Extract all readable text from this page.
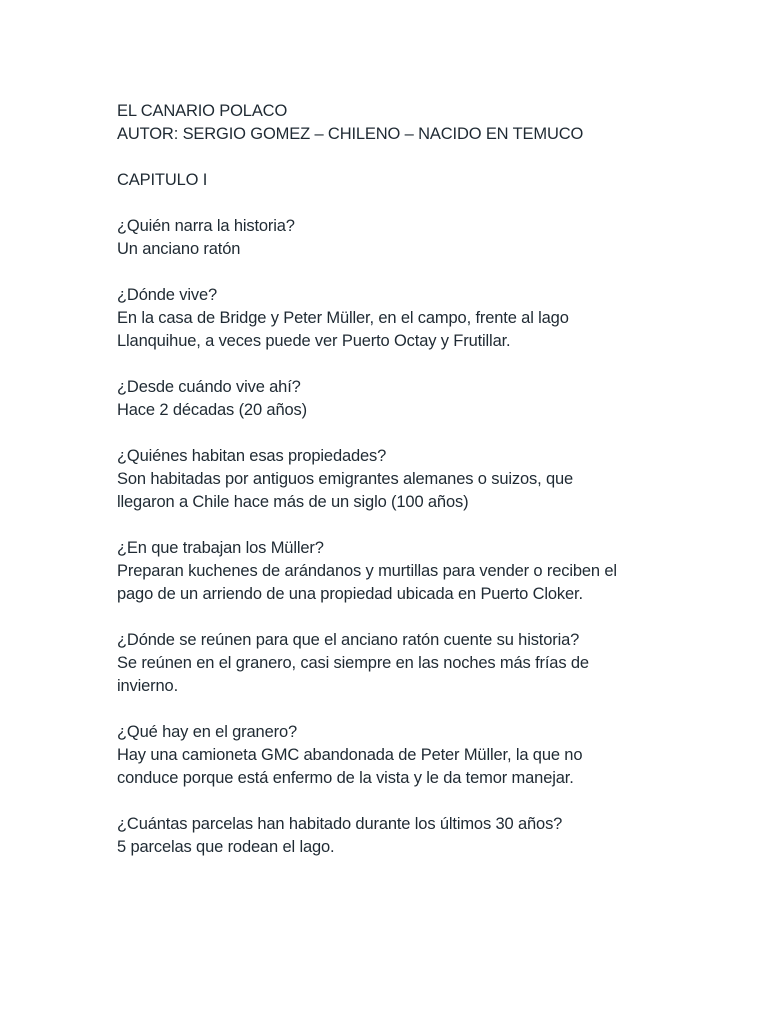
EL CANARIO POLACO
AUTOR: SERGIO GOMEZ – CHILENO – NACIDO EN TEMUCO
CAPITULO I
¿Quién narra la historia?
Un anciano ratón
¿Dónde vive?
En la casa de Bridge y Peter Müller, en el campo, frente al lago
Llanquihue, a veces puede ver Puerto Octay y Frutillar.
¿Desde cuándo vive ahí?
Hace 2 décadas (20 años)
¿Quiénes habitan esas propiedades?
Son habitadas por antiguos emigrantes alemanes o suizos, que
llegaron a Chile hace más de un siglo (100 años)
¿En que trabajan los Müller?
Preparan kuchenes de arándanos y murtillas para vender o reciben el
pago de un arriendo de una propiedad ubicada en Puerto Cloker.
¿Dónde se reúnen para que el anciano ratón cuente su historia?
Se reúnen en el granero, casi siempre en las noches más frías de
invierno.
¿Qué hay en el granero?
Hay una camioneta GMC abandonada de Peter Müller, la que no
conduce porque está enfermo de la vista y le da temor manejar.
¿Cuántas parcelas han habitado durante los últimos 30 años?
5 parcelas que rodean el lago.
